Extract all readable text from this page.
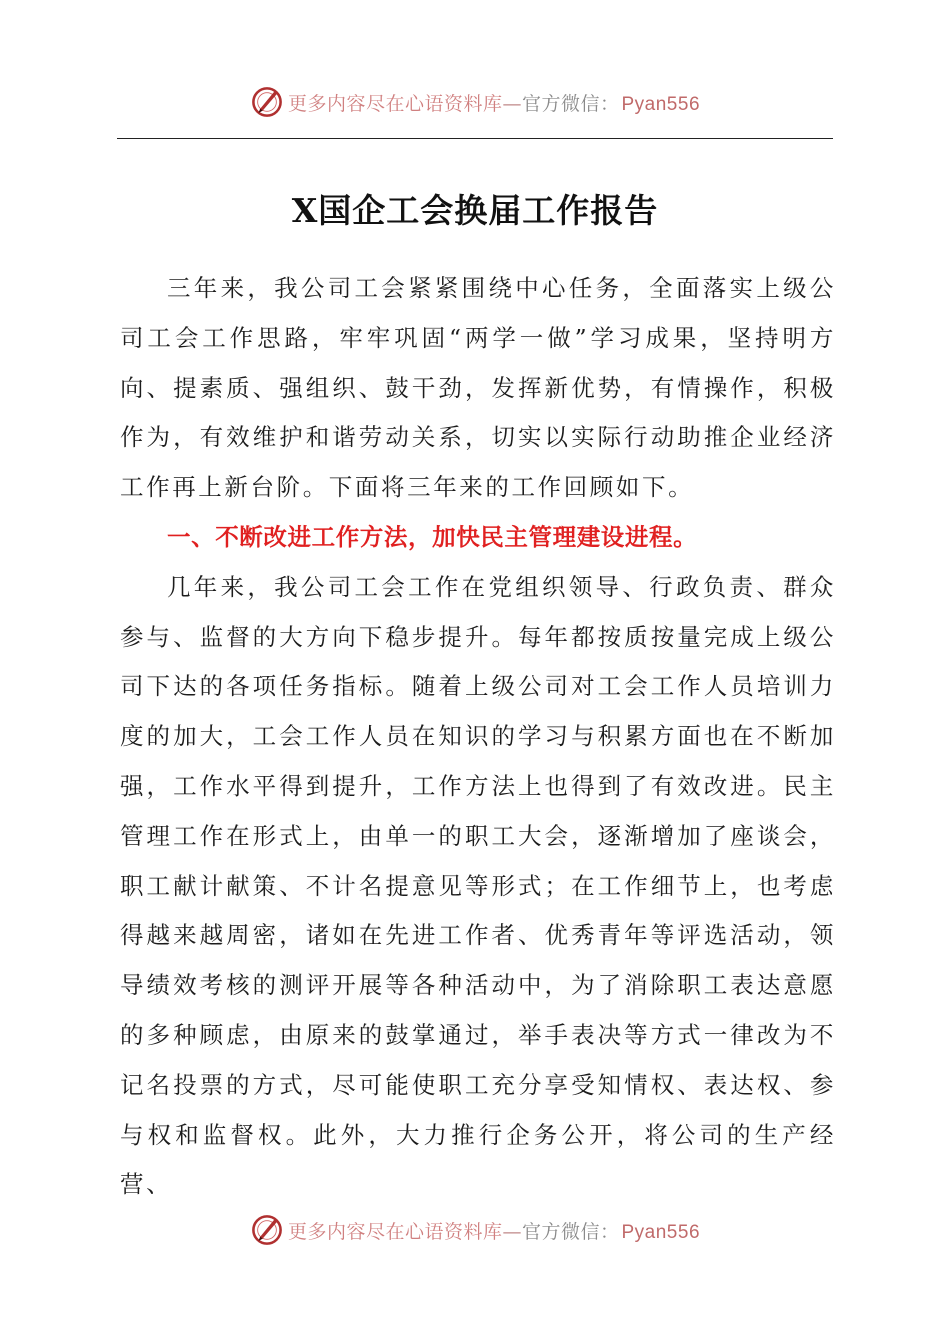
更多内容尽在心语资料库—官方微信： Pyan556
X国企工会换届工作报告

三年来，我公司工会紧紧围绕中心任务，全面落实上级公司工会工作思路，牢牢巩固“两学一做”学习成果，坚持明方向、提素质、强组织、鼓干劲，发挥新优势，有情操作，积极作为，有效维护和谐劳动关系，切实以实际行动助推企业经济工作再上新台阶。下面将三年来的工作回顾如下。

一、不断改进工作方法，加快民主管理建设进程。

几年来，我公司工会工作在党组织领导、行政负责、群众参与、监督的大方向下稳步提升。每年都按质按量完成上级公司下达的各项任务指标。随着上级公司对工会工作人员培训力度的加大，工会工作人员在知识的学习与积累方面也在不断加强，工作水平得到提升，工作方法上也得到了有效改进。民主管理工作在形式上，由单一的职工大会，逐渐增加了座谈会，职工献计献策、不计名提意见等形式；在工作细节上，也考虑得越来越周密，诸如在先进工作者、优秀青年等评选活动，领导绩效考核的测评开展等各种活动中，为了消除职工表达意愿的多种顾虑，由原来的鼓掌通过，举手表决等方式一律改为不记名投票的方式，尽可能使职工充分享受知情权、表达权、参与权和监督权。此外，大力推行企务公开，将公司的生产经营、

更多内容尽在心语资料库—官方微信： Pyan556
